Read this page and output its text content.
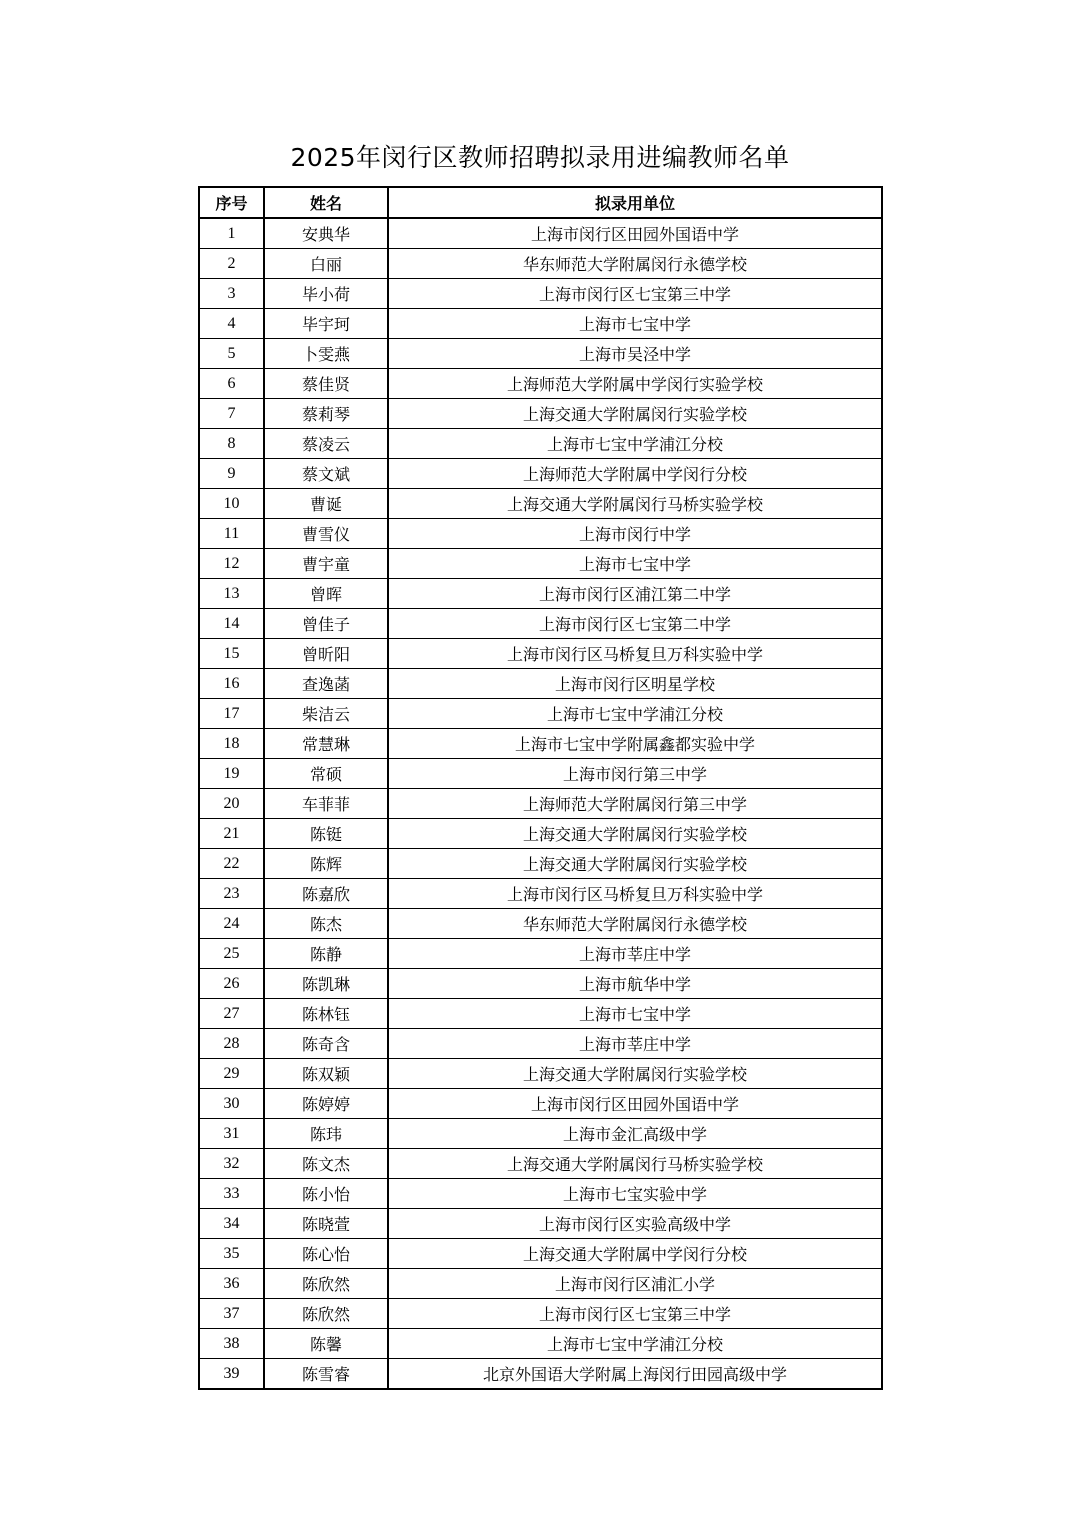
2025年闵行区教师招聘拟录用进编教师名单
序号	姓名	拟录用单位
1	安典华	上海市闵行区田园外国语中学
2	白丽	华东师范大学附属闵行永德学校
3	毕小荷	上海市闵行区七宝第三中学
4	毕宇珂	上海市七宝中学
5	卜雯燕	上海市吴泾中学
6	蔡佳贤	上海师范大学附属中学闵行实验学校
7	蔡莉琴	上海交通大学附属闵行实验学校
8	蔡凌云	上海市七宝中学浦江分校
9	蔡文斌	上海师范大学附属中学闵行分校
10	曹诞	上海交通大学附属闵行马桥实验学校
11	曹雪仪	上海市闵行中学
12	曹宇童	上海市七宝中学
13	曾晖	上海市闵行区浦江第二中学
14	曾佳子	上海市闵行区七宝第二中学
15	曾昕阳	上海市闵行区马桥复旦万科实验中学
16	查逸菡	上海市闵行区明星学校
17	柴洁云	上海市七宝中学浦江分校
18	常慧琳	上海市七宝中学附属鑫都实验中学
19	常硕	上海市闵行第三中学
20	车菲菲	上海师范大学附属闵行第三中学
21	陈铤	上海交通大学附属闵行实验学校
22	陈辉	上海交通大学附属闵行实验学校
23	陈嘉欣	上海市闵行区马桥复旦万科实验中学
24	陈杰	华东师范大学附属闵行永德学校
25	陈静	上海市莘庄中学
26	陈凯琳	上海市航华中学
27	陈林钰	上海市七宝中学
28	陈奇含	上海市莘庄中学
29	陈双颖	上海交通大学附属闵行实验学校
30	陈婷婷	上海市闵行区田园外国语中学
31	陈玮	上海市金汇高级中学
32	陈文杰	上海交通大学附属闵行马桥实验学校
33	陈小怡	上海市七宝实验中学
34	陈晓萱	上海市闵行区实验高级中学
35	陈心怡	上海交通大学附属中学闵行分校
36	陈欣然	上海市闵行区浦汇小学
37	陈欣然	上海市闵行区七宝第三中学
38	陈馨	上海市七宝中学浦江分校
39	陈雪睿	北京外国语大学附属上海闵行田园高级中学
